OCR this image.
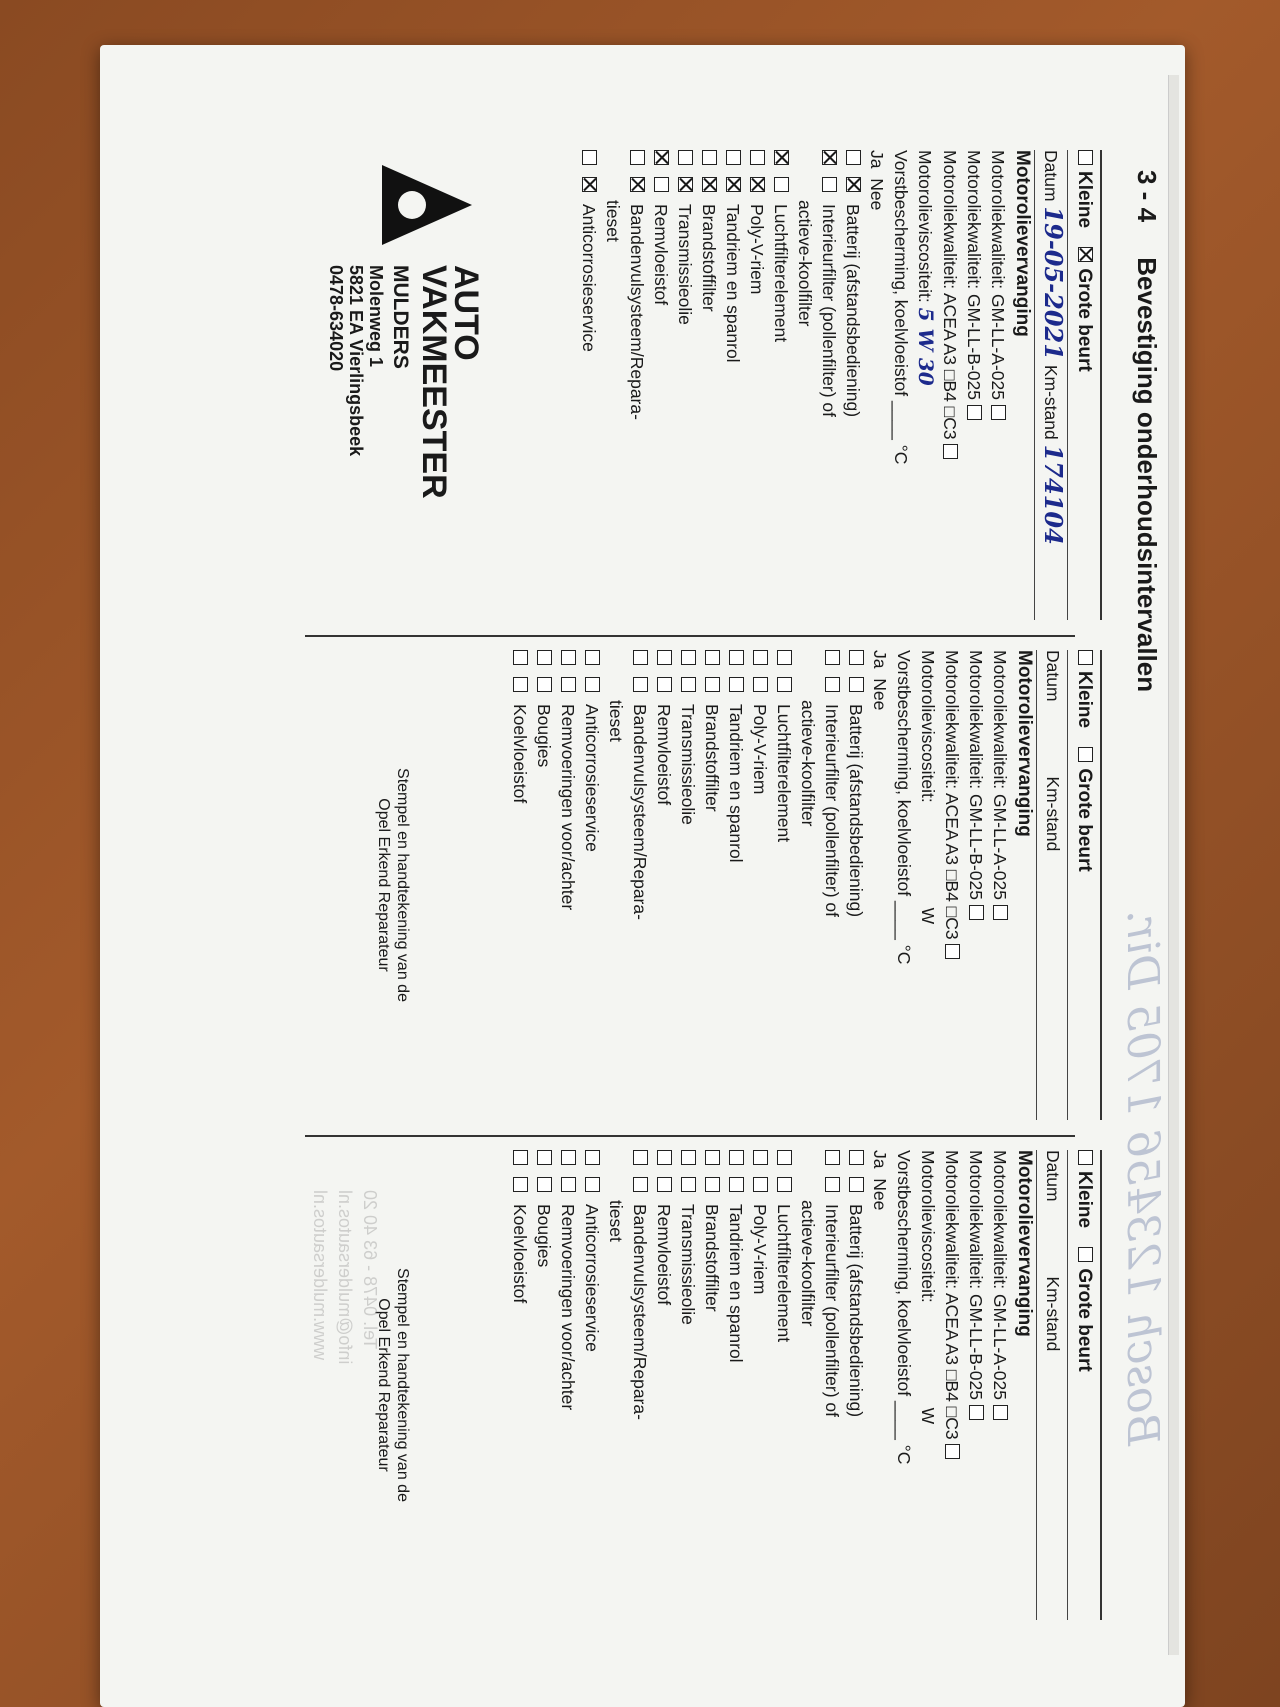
3 - 4 Bevestiging onderhoudsintervallen
Bosch 123456 1705 Dir.
Kleine Grote beurt
Datum 19-05-2021 Km-stand 174104
Motorolievervanging
Motoroliekwaliteit: GM-LL-A-025
Motoroliekwaliteit: GM-LL-B-025
Motoroliekwaliteit: ACEA A3 □B4 □C3
Motorolieviscositeit: 5 W 30
Vorstbescherming, koelvloeistof ____ °C
Ja  Nee
Batterij (afstandsbediening)
Interieurfilter (pollenfilter) of
actieve-koolfilter
Luchtfilterelement
Poly-V-riem
Tandriem en spanrol
Brandstoffilter
Transmissieolie
Remvloeistof
Bandenvulsysteem/Repara-
tieset
Anticorrosieservice
AUTO
VAKMEESTER
MULDERS
Molenweg 1
5821 EA Vierlingsbeek
0478-634020
Kleine Grote beurt
Datum Km-stand
Motorolievervanging
Motoroliekwaliteit: GM-LL-A-025
Motoroliekwaliteit: GM-LL-B-025
Motoroliekwaliteit: ACEA A3 □B4 □C3
Motorolieviscositeit: W
Vorstbescherming, koelvloeistof ____ °C
Ja  Nee
Batterij (afstandsbediening)
Interieurfilter (pollenfilter) of
actieve-koolfilter
Luchtfilterelement
Poly-V-riem
Tandriem en spanrol
Brandstoffilter
Transmissieolie
Remvloeistof
Bandenvulsysteem/Repara-
tieset
Anticorrosieservice
Remvoeringen voor/achter
Bougies
Koelvloeistof
Stempel en handtekening van de
Opel Erkend Reparateur
Kleine Grote beurt
Datum Km-stand
Motorolievervanging
Motoroliekwaliteit: GM-LL-A-025
Motoroliekwaliteit: GM-LL-B-025
Motoroliekwaliteit: ACEA A3 □B4 □C3
Motorolieviscositeit: W
Vorstbescherming, koelvloeistof ____ °C
Ja  Nee
Batterij (afstandsbediening)
Interieurfilter (pollenfilter) of
actieve-koolfilter
Luchtfilterelement
Poly-V-riem
Tandriem en spanrol
Brandstoffilter
Transmissieolie
Remvloeistof
Bandenvulsysteem/Repara-
tieset
Anticorrosieservice
Remvoeringen voor/achter
Bougies
Koelvloeistof
Stempel en handtekening van de
Opel Erkend Reparateur
Tel. 0478 - 63 40 20
info@muldersautos.nl
www.muldersautos.nl
